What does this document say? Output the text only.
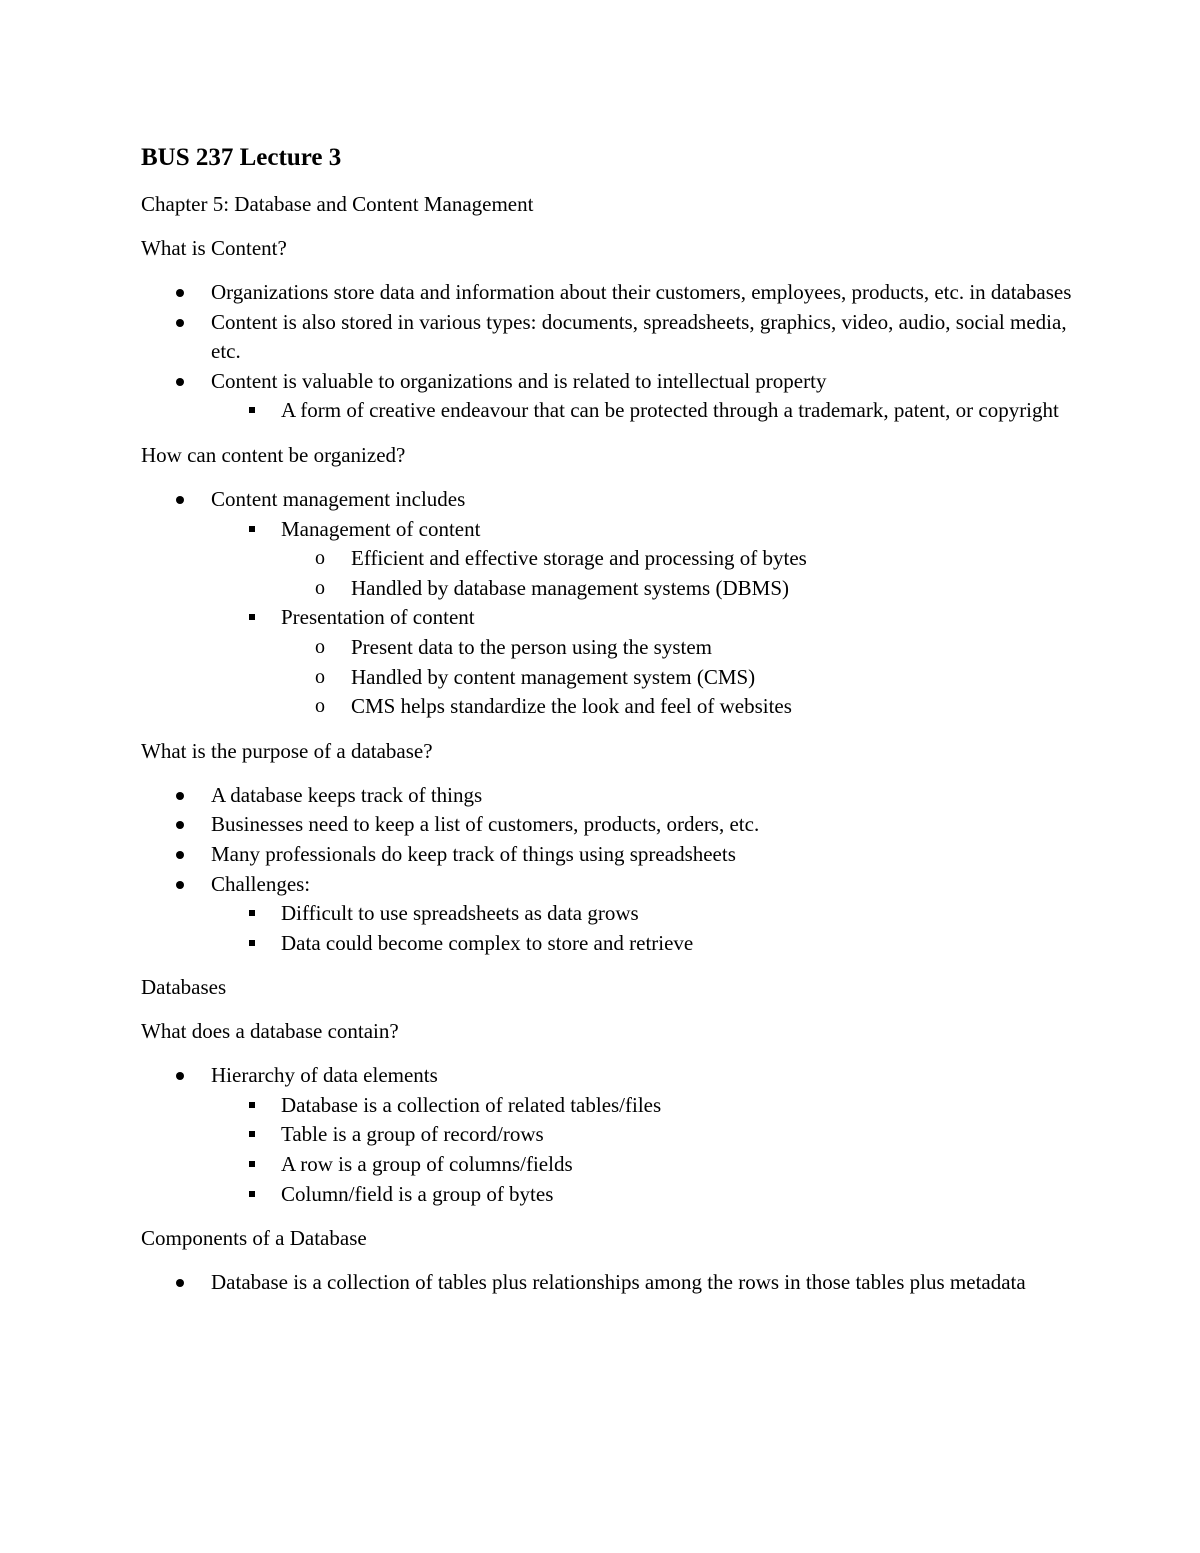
BUS 237 Lecture 3
Chapter 5: Database and Content Management
What is Content?
Organizations store data and information about their customers, employees, products, etc. in databases
Content is also stored in various types: documents, spreadsheets, graphics, video, audio, social media, etc.
Content is valuable to organizations and is related to intellectual property
A form of creative endeavour that can be protected through a trademark, patent, or copyright
How can content be organized?
Content management includes
Management of content
o
Efficient and effective storage and processing of bytes
o
Handled by database management systems (DBMS)
Presentation of content
o
Present data to the person using the system
o
Handled by content management system (CMS)
o
CMS helps standardize the look and feel of websites
What is the purpose of a database?
A database keeps track of things
Businesses need to keep a list of customers, products, orders, etc.
Many professionals do keep track of things using spreadsheets
Challenges:
Difficult to use spreadsheets as data grows
Data could become complex to store and retrieve
Databases
What does a database contain?
Hierarchy of data elements
Database is a collection of related tables/files
Table is a group of record/rows
A row is a group of columns/fields
Column/field is a group of bytes
Components of a Database
Database is a collection of tables plus relationships among the rows in those tables plus metadata
